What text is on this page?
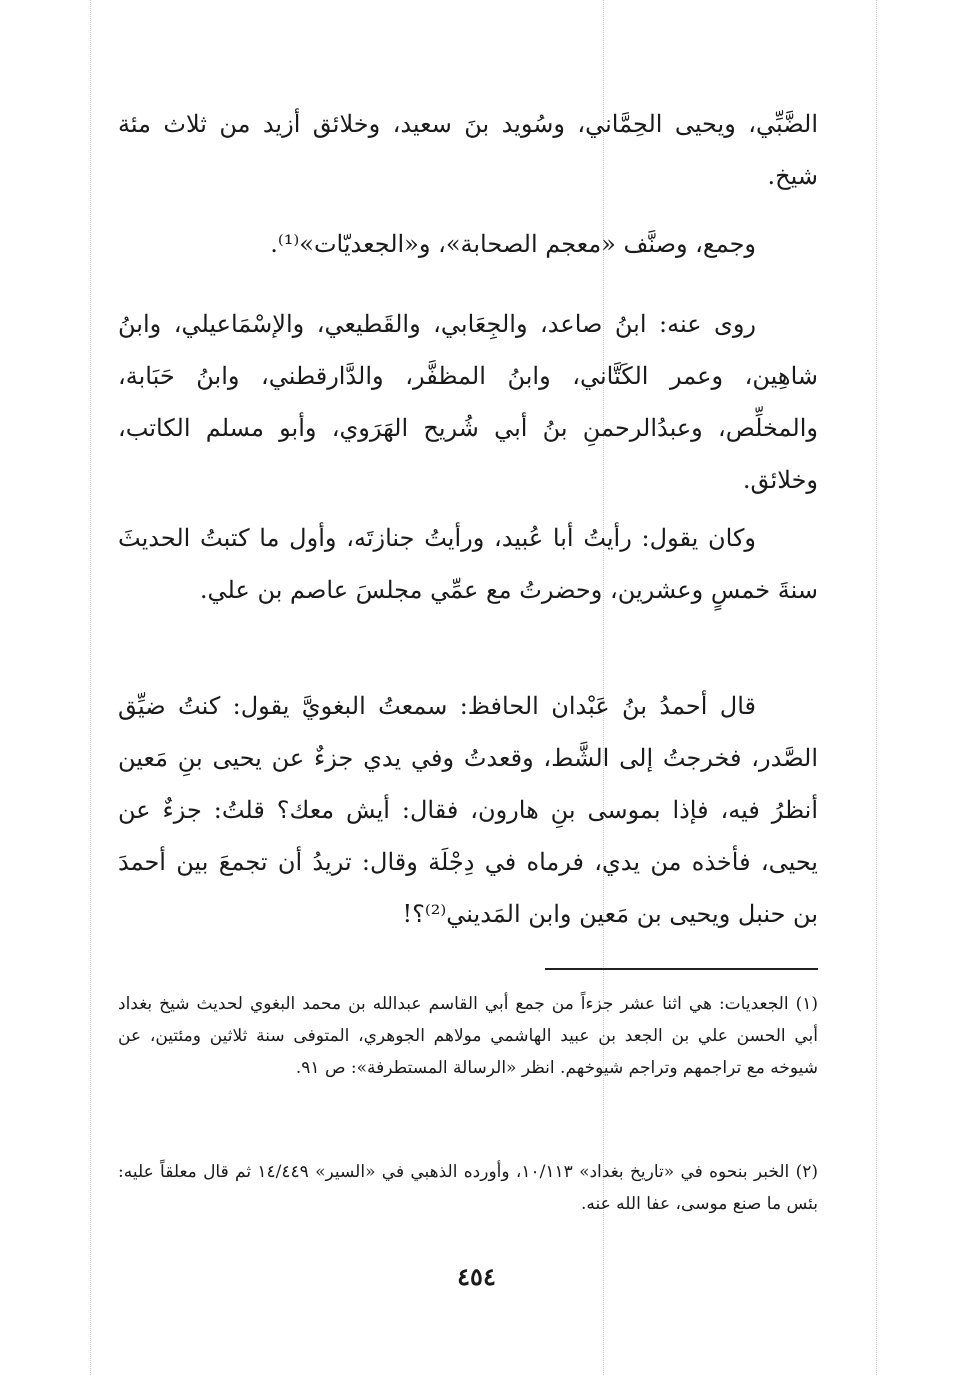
الضَّبِّي، ويحيى الحِمَّاني، وسُويد بنَ سعيد، وخلائق أزيد من ثلاث مئة شيخ.

وجمع، وصنَّف «معجم الصحابة»، و«الجعديّات»⁽¹⁾.

روى عنه: ابنُ صاعد، والجِعَابي، والقَطيعي، والإسْمَاعيلي، وابنُ شاهِين، وعمر الكَتَّاني، وابنُ المظفَّر، والدَّارقطني، وابنُ حَبَابة، والمخلِّص، وعبدُالرحمنِ بنُ أبي شُريح الهَرَوي، وأبو مسلم الكاتب، وخلائق.

وكان يقول: رأيتُ أبا عُبيد، ورأيتُ جنازتَه، وأول ما كتبتُ الحديثَ سنةَ خمسٍ وعشرين، وحضرتُ مع عمِّي مجلسَ عاصم بن علي.

قال أحمدُ بنُ عَبْدان الحافظ: سمعتُ البغويَّ يقول: كنتُ ضيِّق الصَّدر، فخرجتُ إلى الشَّط، وقعدتُ وفي يدي جزءٌ عن يحيى بنِ مَعين أنظرُ فيه، فإذا بموسى بنِ هارون، فقال: أيش معك؟ قلتُ: جزءٌ عن يحيى، فأخذه من يدي، فرماه في دِجْلَة وقال: تريدُ أن تجمعَ بين أحمدَ بن حنبل ويحيى بن مَعين وابن المَديني⁽²⁾؟!

(١) الجعديات: هي اثنا عشر جزءاً من جمع أبي القاسم عبدالله بن محمد البغوي لحديث شيخ بغداد أبي الحسن علي بن الجعد بن عبيد الهاشمي مولاهم الجوهري، المتوفى سنة ثلاثين ومئتين، عن شيوخه مع تراجمهم وتراجم شيوخهم. انظر «الرسالة المستطرفة»: ص ٩١.

(٢) الخبر بنحوه في «تاريخ بغداد» ١٠/١١٣، وأورده الذهبي في «السير» ١٤/٤٤٩ ثم قال معلقاً عليه: بئس ما صنع موسى، عفا الله عنه.

٤٥٤
